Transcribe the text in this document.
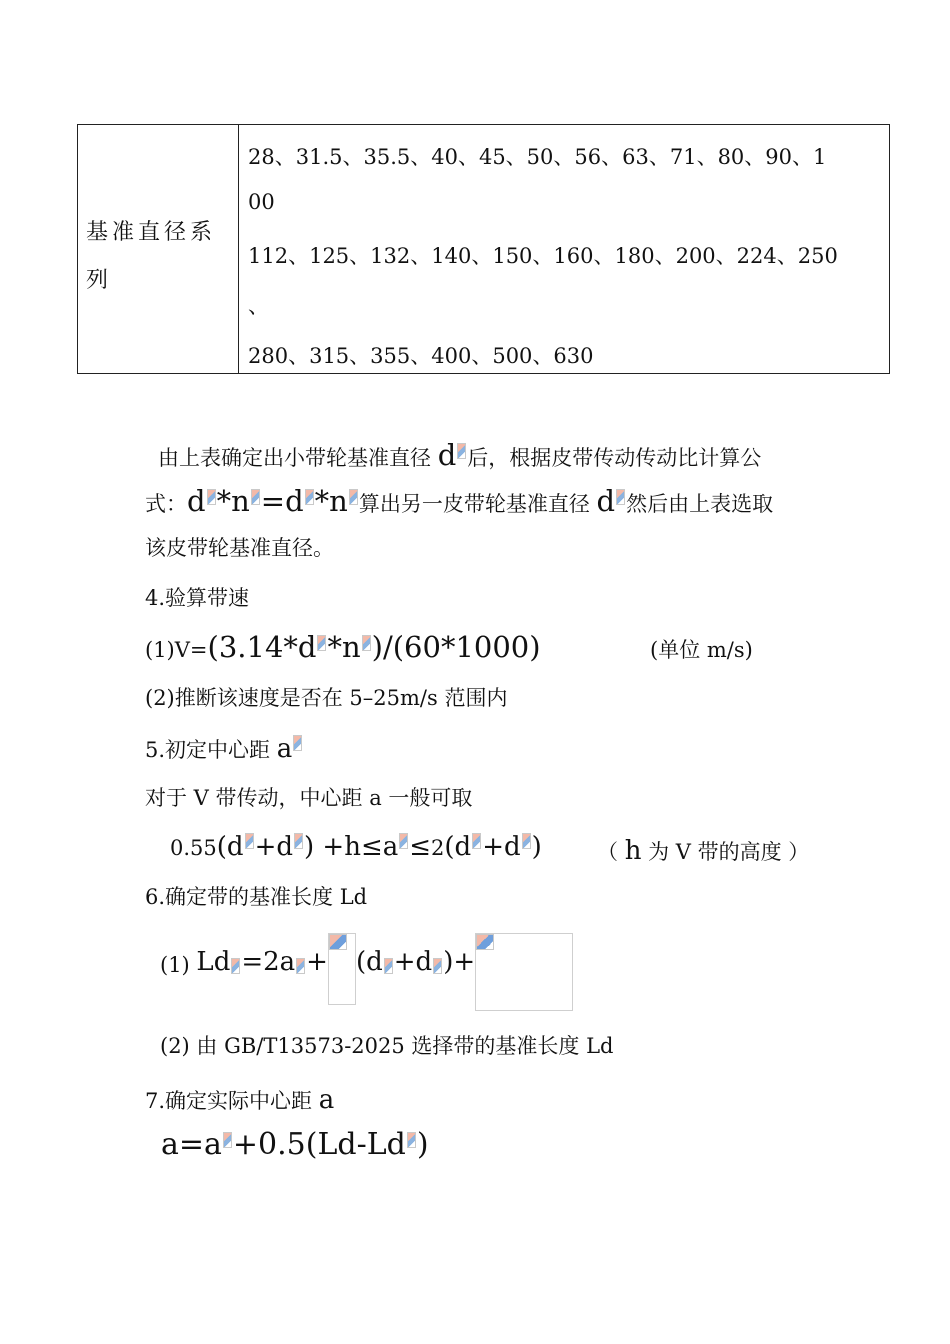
基准直径系
列
28、31.5、35.5、40、45、50、56、63、71、80、90、1
00
112、125、132、140、150、160、180、200、224、250
、
280、315、355、400、500、630
由上表确定出小带轮基准直径 d 后，根据皮带传动传动比计算公
式：d *n =d *n 算出另一皮带轮基准直径 d 然后由上表选取
该皮带轮基准直径。
4.验算带速
(1)V=(3.14*d *n )/(60*1000)	(单位 m/s)
(2)推断该速度是否在 5–25m/s 范围内
5.初定中心距 a
对于 V 带传动，中心距 a 一般可取
0.55(d +d ) +h≤a ≤2(d +d )	（ h 为 V 带的高度 ）
6.确定带的基准长度 Ld
(1) Ld =2a + (d +d )+
(2) 由 GB/T13573-2025 选择带的基准长度 Ld
7.确定实际中心距 a
a=a +0.5(Ld-Ld )
